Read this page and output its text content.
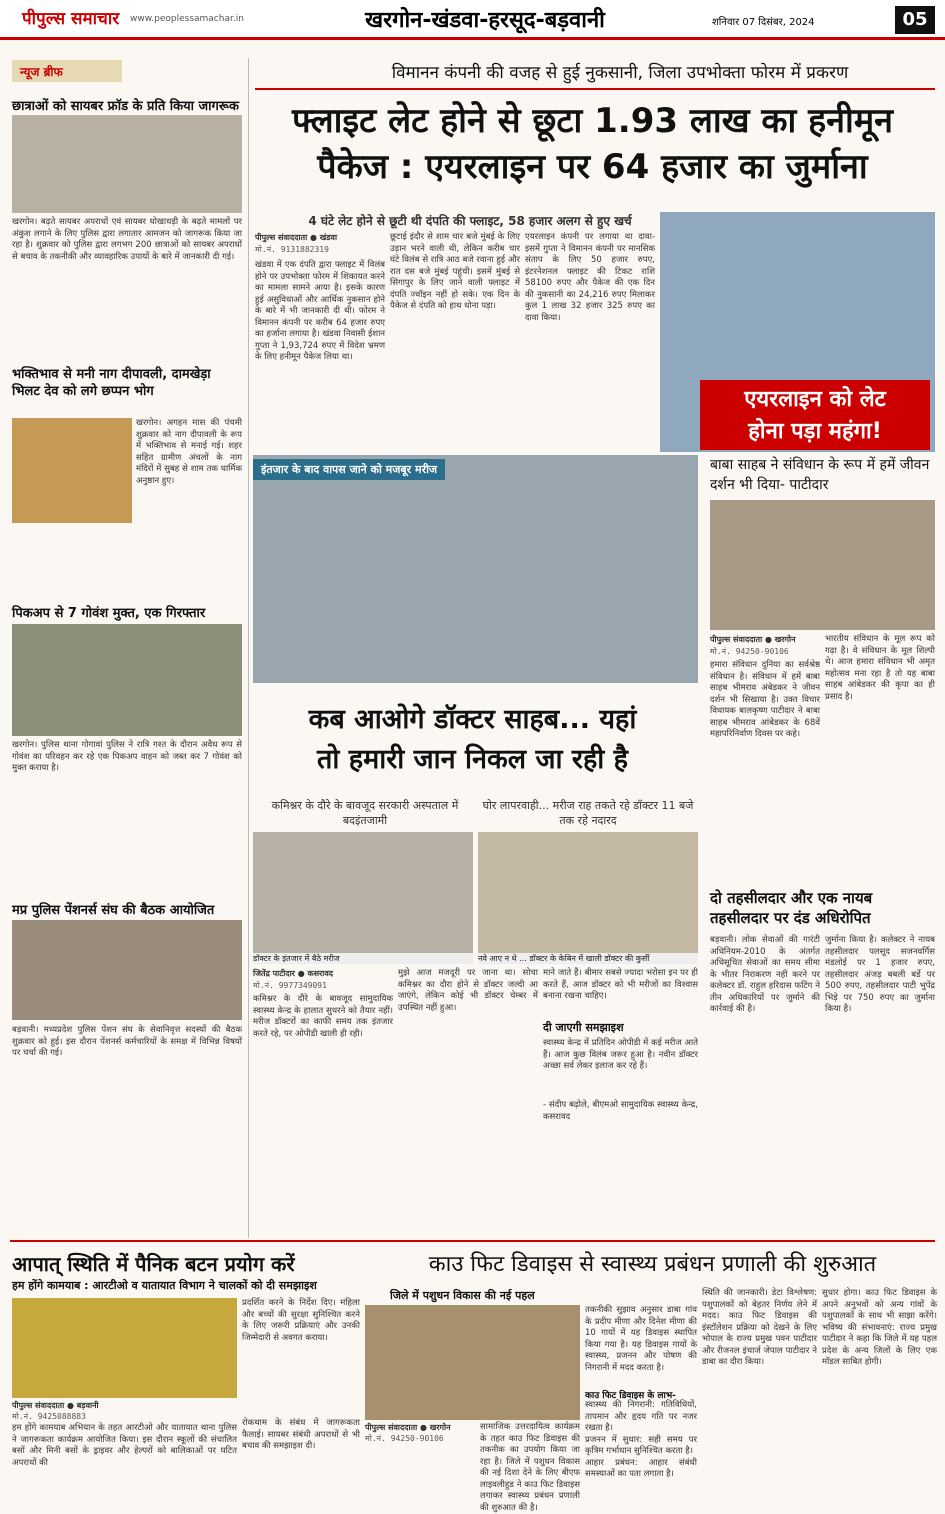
पीपुल्स समाचार www.peoplessamachar.in	खरगोन-खंडवा-हरसूद-बड़वानी	शनिवार 07 दिसंबर, 2024	05
न्यूज ब्रीफ
छात्राओं को सायबर फ्रॉड के प्रति किया जागरूक
खरगोन। बढ़ते सायबर अपराधों एवं सायबर धोखाधड़ी के बढ़ते मामलों पर अंकुश लगाने के लिए पुलिस द्वारा लगातार आमजन को जागरूक किया जा रहा है। शुक्रवार को पुलिस द्वारा लगभग 200 छात्राओं को सायबर अपराधों से बचाव के तकनीकी और व्यावहारिक उपायों के बारे में जानकारी दी गई।
भक्तिभाव से मनी नाग दीपावली, दामखेड़ा भिलट देव को लगे छप्पन भोग
खरगोन। अगहन मास की पंचमी शुक्रवार को नाग दीपावली के रूप में भक्तिभाव से मनाई गई। शहर सहित ग्रामीण अंचलों के नाग मंदिरों में सुबह से शाम तक धार्मिक अनुष्ठान हुए।
पिकअप से 7 गोवंश मुक्त, एक गिरफ्तार
खरगोन। पुलिस थाना गोगावां पुलिस ने रात्रि गश्त के दौरान अवैध रूप से गोवंश का परिवहन कर रहे एक पिकअप वाहन को जब्त कर 7 गोवंश को मुक्त कराया है।
मप्र पुलिस पेंशनर्स संघ की बैठक आयोजित
बड़वानी। मध्यप्रदेश पुलिस पेंशन संघ के सेवानिवृत्त सदस्यों की बैठक शुक्रवार को हुई। इस दौरान पेंशनर्स कर्मचारियों के समक्ष में विभिन्न विषयों पर चर्चा की गई।
विमानन कंपनी की वजह से हुई नुकसानी, जिला उपभोक्ता फोरम में प्रकरण
फ्लाइट लेट होने से छूटा 1.93 लाख का हनीमून
पैकेज : एयरलाइन पर 64 हजार का जुर्माना
4 घंटे लेट होने से छूटी थी दंपति की फ्लाइट, 58 हजार अलग से हुए खर्च
पीपुल्स संवाददाता ● खंडवा
मो.नं. 9131882319
खंडवा में एक दंपति द्वारा फ्लाइट में विलंब होने पर उपभोक्ता फोरम में शिकायत करने का मामला सामने आया है। इसके कारण हुई असुविधाओं और आर्थिक नुकसान होने के बारे में भी जानकारी दी थी। फोरम ने विमानन कंपनी पर करीब 64 हजार रुपए का हर्जाना लगाया है। खंडवा निवासी ईशान गुप्ता ने 1,93,724 रुपए में विदेश भ्रमण के लिए हनीमून पैकेज लिया था।
छूटाई इंदौर से शाम चार बजे मुंबई के लिए उड़ान भरने वाली थी, लेकिन करीब चार घंटे विलंब से रात्रि आठ बजे रवाना हुई और रात दस बजे मुंबई पहुंची। इसमें मुंबई से सिंगापुर के लिए जाने वाली फ्लाइट में दंपति ज्वॉइन नहीं हो सके। एक दिन के पैकेज से दंपति को हाथ धोना पड़ा।
एयरलाइन कंपनी पर लगाया था दावा- इसमें गुप्ता ने विमानन कंपनी पर मानसिक संताप के लिए 50 हजार रुपए, इंटरनेशनल फ्लाइट की टिकट राशि 58100 रुपए और पैकेज की एक दिन की नुकसानी का 24,216 रुपए मिलाकर कुल 1 लाख 32 हजार 325 रुपए का दावा किया।
एयरलाइन को लेट
होना पड़ा महंगा!
इंतजार के बाद वापस जाने को मजबूर मरीज
कब आओगे डॉक्टर साहब... यहां
तो हमारी जान निकल जा रही है
कमिश्नर के दौरे के बावजूद सरकारी अस्पताल में बदइंतजामी
घोर लापरवाही... मरीज राह तकते रहे डॉक्टर 11 बजे तक रहे नदारद
डॉक्टर के इंतजार में बैठे मरीज	नवे आए न थे ... डॉक्टर के केबिन में खाली डॉक्टर की कुर्सी
जितेंद्र पाटीदार ● कसरावद
मो.नं. 9977349091
कमिश्नर के दौरे के बावजूद सामुदायिक स्वास्थ्य केन्द्र के हालात सुधरने को तैयार नहीं। मरीज डॉक्टरों का काफी समय तक इंतजार करते रहे, पर ओपीडी खाली ही रही।
मुझे आज मजदूरी पर जाना था। सोचा कमिश्नर का दौरा होने से डॉक्टर जल्दी आ जाएंगे, लेकिन कोई भी डॉक्टर चेम्बर में उपस्थित नहीं हुआ।
माने जाते हैं। बीमार सबसे ज्यादा भरोसा इन पर ही करते हैं, आज डॉक्टर को भी मरीजों का विश्वास बनाना रखना चाहिए।
दी जाएगी समझाइश
स्वास्थ्य केन्द्र में प्रतिदिन ओपीडी में कई मरीज आते हैं। आज कुछ विलंब जरूर हुआ है। नवीन डॉक्टर अच्छा सर्व लेकर इलाज कर रहे हैं।
- संदीप बढ़ोले, बीएमओ सामुदायिक स्वास्थ्य केन्द्र, कसरावद
बाबा साहब ने संविधान के रूप में हमें जीवन दर्शन भी दिया- पाटीदार
पीपुल्स संवाददाता ● खरगोन
मो.नं. 94250-90106
हमारा संविधान दुनिया का सर्वश्रेष्ठ संविधान है। संविधान में हमें बाबा साहब भीमराव अंबेडकर ने जीवन दर्शन भी सिखाया है। उक्त विचार विधायक बालकृष्ण पाटीदार ने बाबा साहब भीमराव आंबेडकर के 68वें महापरिनिर्वाण दिवस पर कहे।
भारतीय संविधान के मूल रूप को गढ़ा है। वे संविधान के मूल शिल्पी थे। आज हमारा संविधान भी अमृत महोत्सव मना रहा है तो यह बाबा साहब आंबेडकर की कृपा का ही प्रसाद है।
दो तहसीलदार और एक नायब तहसीलदार पर दंड अधिरोपित
बड़वानी। लोक सेवाओं की गारंटी अधिनियम-2010 के अंतर्गत अधिसूचित सेवाओं का समय सीमा के भीतर निराकरण नहीं करने पर कलेक्टर डॉ. राहुल हरिदास फटिंग ने तीन अधिकारियों पर जुर्माने की कार्रवाई की है।
जुर्माना किया है। कलेक्टर ने नायब तहसीलदार पलसूद सजनवर्गिस मंडलोई पर 1 हजार रुपए, तहसीलदार अंजड़ बबली बर्डे पर 500 रुपए, तहसीलदार पाटी भुपेंद्र भिड़े पर 750 रुपए का जुर्माना किया है।
आपात् स्थिति में पैनिक बटन प्रयोग करें
हम होंगे कामयाब : आरटीओ व यातायात विभाग ने चालकों को दी समझाइश
पीपुल्स संवाददाता ● बड़वानी
मो.नं. 9425088883
हम होंगे कामयाब अभियान के तहत आरटीओ और यातायात थाना पुलिस ने जागरूकता कार्यक्रम आयोजित किया। इस दौरान स्कूलों की संचालित बसों और मिनी बसों के ड्राइवर और हेल्परों को बालिकाओं पर घटित अपराधों की
प्रदर्शित करने के निर्देश दिए। महिला और बच्चों की सुरक्षा सुनिश्चित करने के लिए जरूरी प्रक्रियाएं और उनकी जिम्मेदारी से अवगत कराया।
रोकथाम के संबंध में जागरूकता फैलाई। सायबर संबंधी अपराधों से भी बचाव की समझाइश दी।
काउ फिट डिवाइस से स्वास्थ्य प्रबंधन प्रणाली की शुरुआत
जिले में पशुधन विकास की नई पहल
पीपुल्स संवाददाता ● खरगोन
मो.नं. 94250-90106
सामाजिक उत्तरदायित्व कार्यक्रम के तहत काउ फिट डिवाइस की तकनीक का उपयोग किया जा रहा है। जिले में पशुधन विकास की नई दिशा देने के लिए बीएफ लाइवलीहुड ने काउ फिट डिवाइस लगाकर स्वास्थ्य प्रबंधन प्रणाली की शुरुआत की है।
तकनीकी सुझाव अनुसार डाबा गांव के प्रदीप मीणा और दिनेश मीणा की 10 गायों में यह डिवाइस स्थापित किया गया है। यह डिवाइस गायों के स्वास्थ्य, प्रजनन और पोषण की निगरानी में मदद करता है।
काउ फिट डिवाइस के लाभ-
स्वास्थ्य की निगरानी: गतिविधियों, तापमान और हृदय गति पर नजर रखता है।
प्रजनन में सुधार: सही समय पर कृत्रिम गर्भाधान सुनिश्चित करता है।
आहार प्रबंधन: आहार संबंधी समस्याओं का पता लगाता है।
स्थिति की जानकारी। डेटा विश्लेषण: पशुपालकों को बेहतर निर्णय लेने में मदद। काउ फिट डिवाइस की इंस्टॉलेशन प्रक्रिया को देखने के लिए भोपाल के राज्य प्रमुख पवन पाटीदार और रीजनल इंचार्ज जेपाल पाटीदार ने डाबा का दौरा किया।
सुधार होगा। काउ फिट डिवाइस के अपने अनुभवों को अन्य गांवों के पशुपालकों के साथ भी साझा करेंगे। भविष्य की संभावनाएं: राज्य प्रमुख पाटीदार ने कहा कि जिले में यह पहल प्रदेश के अन्य जिलों के लिए एक मॉडल साबित होगी।
